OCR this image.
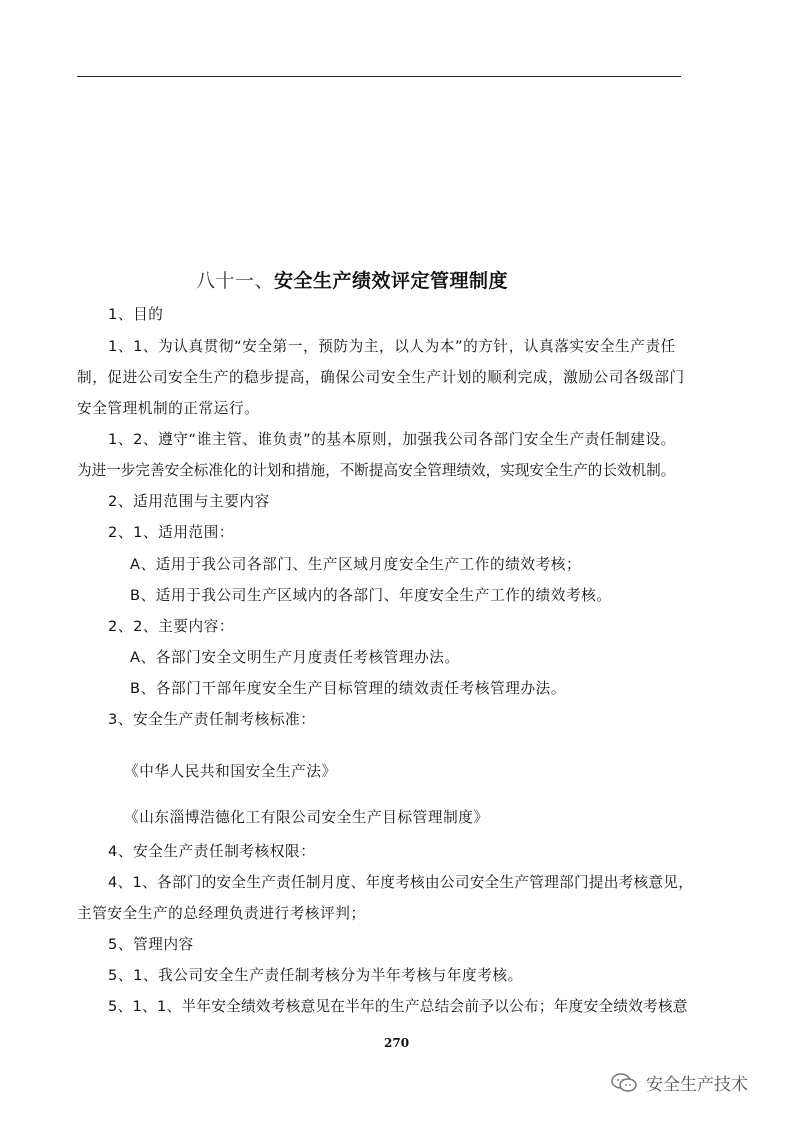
八十一、安全生产绩效评定管理制度
1、目的
1、1、为认真贯彻“安全第一，预防为主，以人为本”的方针，认真落实安全生产责任
制，促进公司安全生产的稳步提高，确保公司安全生产计划的顺利完成，激励公司各级部门
安全管理机制的正常运行。
1、2、遵守“谁主管、谁负责”的基本原则，加强我公司各部门安全生产责任制建设。
为进一步完善安全标准化的计划和措施，不断提高安全管理绩效，实现安全生产的长效机制。
2、适用范围与主要内容
2、1、适用范围：
A、适用于我公司各部门、生产区域月度安全生产工作的绩效考核；
B、适用于我公司生产区域内的各部门、年度安全生产工作的绩效考核。
2、2、主要内容：
A、各部门安全文明生产月度责任考核管理办法。
B、各部门干部年度安全生产目标管理的绩效责任考核管理办法。
3、安全生产责任制考核标准：
《中华人民共和国安全生产法》
《山东淄博浩德化工有限公司安全生产目标管理制度》
4、安全生产责任制考核权限：
4、1、各部门的安全生产责任制月度、年度考核由公司安全生产管理部门提出考核意见，
主管安全生产的总经理负责进行考核评判；
5、管理内容
5、1、我公司安全生产责任制考核分为半年考核与年度考核。
5、1、1、半年安全绩效考核意见在半年的生产总结会前予以公布；年度安全绩效考核意
270
安全生产技术
